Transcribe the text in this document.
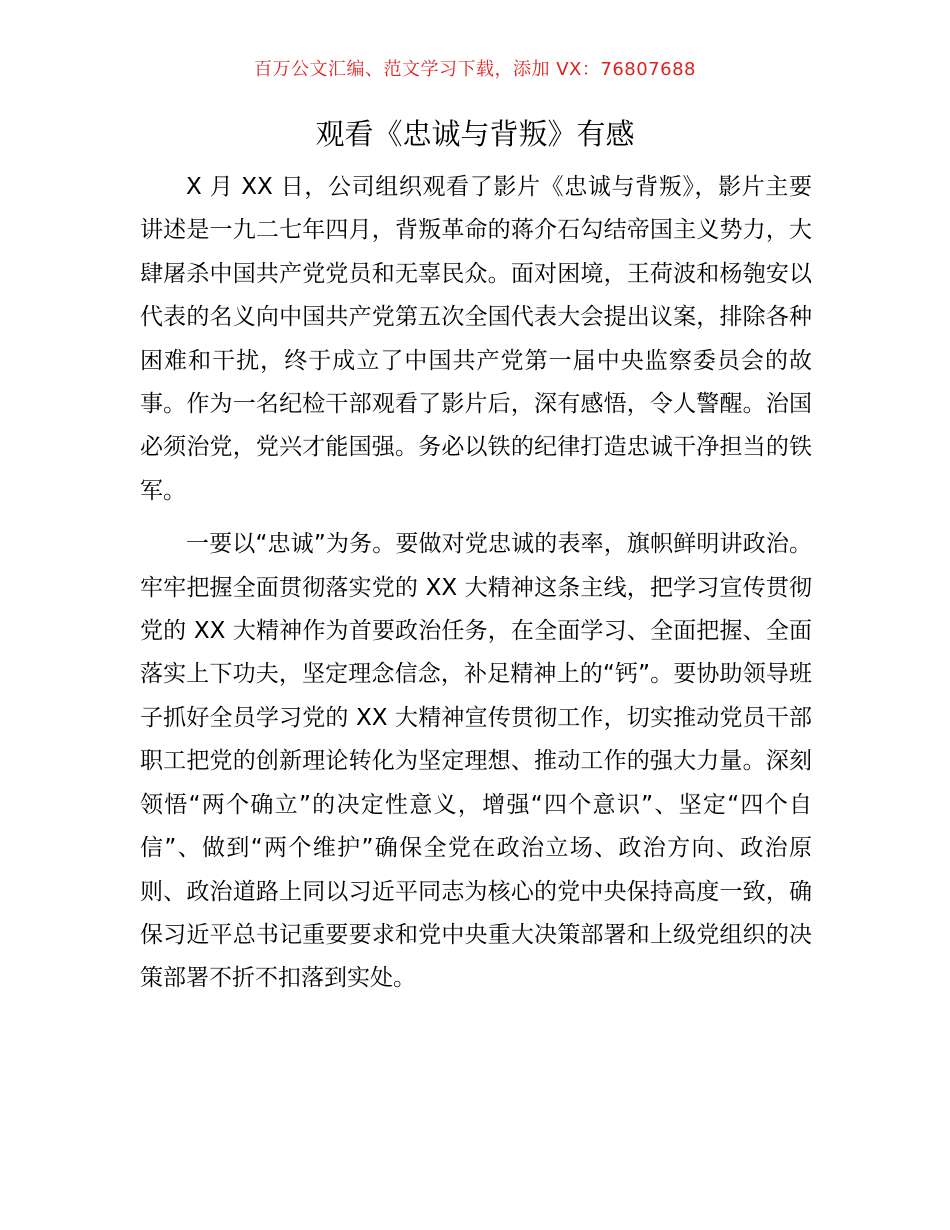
百万公文汇编、范文学习下载，添加 VX：76807688
观看《忠诚与背叛》有感

X 月 XX 日，公司组织观看了影片《忠诚与背叛》，影片主要讲述是一九二七年四月，背叛革命的蒋介石勾结帝国主义势力，大肆屠杀中国共产党党员和无辜民众。面对困境，王荷波和杨匏安以代表的名义向中国共产党第五次全国代表大会提出议案，排除各种困难和干扰，终于成立了中国共产党第一届中央监察委员会的故事。作为一名纪检干部观看了影片后，深有感悟，令人警醒。治国必须治党，党兴才能国强。务必以铁的纪律打造忠诚干净担当的铁军。

一要以“忠诚”为务。要做对党忠诚的表率，旗帜鲜明讲政治。牢牢把握全面贯彻落实党的 XX 大精神这条主线，把学习宣传贯彻党的 XX 大精神作为首要政治任务，在全面学习、全面把握、全面落实上下功夫，坚定理念信念，补足精神上的“钙”。要协助领导班子抓好全员学习党的 XX 大精神宣传贯彻工作，切实推动党员干部职工把党的创新理论转化为坚定理想、推动工作的强大力量。深刻领悟“两个确立”的决定性意义，增强“四个意识”、坚定“四个自信”、做到“两个维护”确保全党在政治立场、政治方向、政治原则、政治道路上同以习近平同志为核心的党中央保持高度一致，确保习近平总书记重要要求和党中央重大决策部署和上级党组织的决策部署不折不扣落到实处。
